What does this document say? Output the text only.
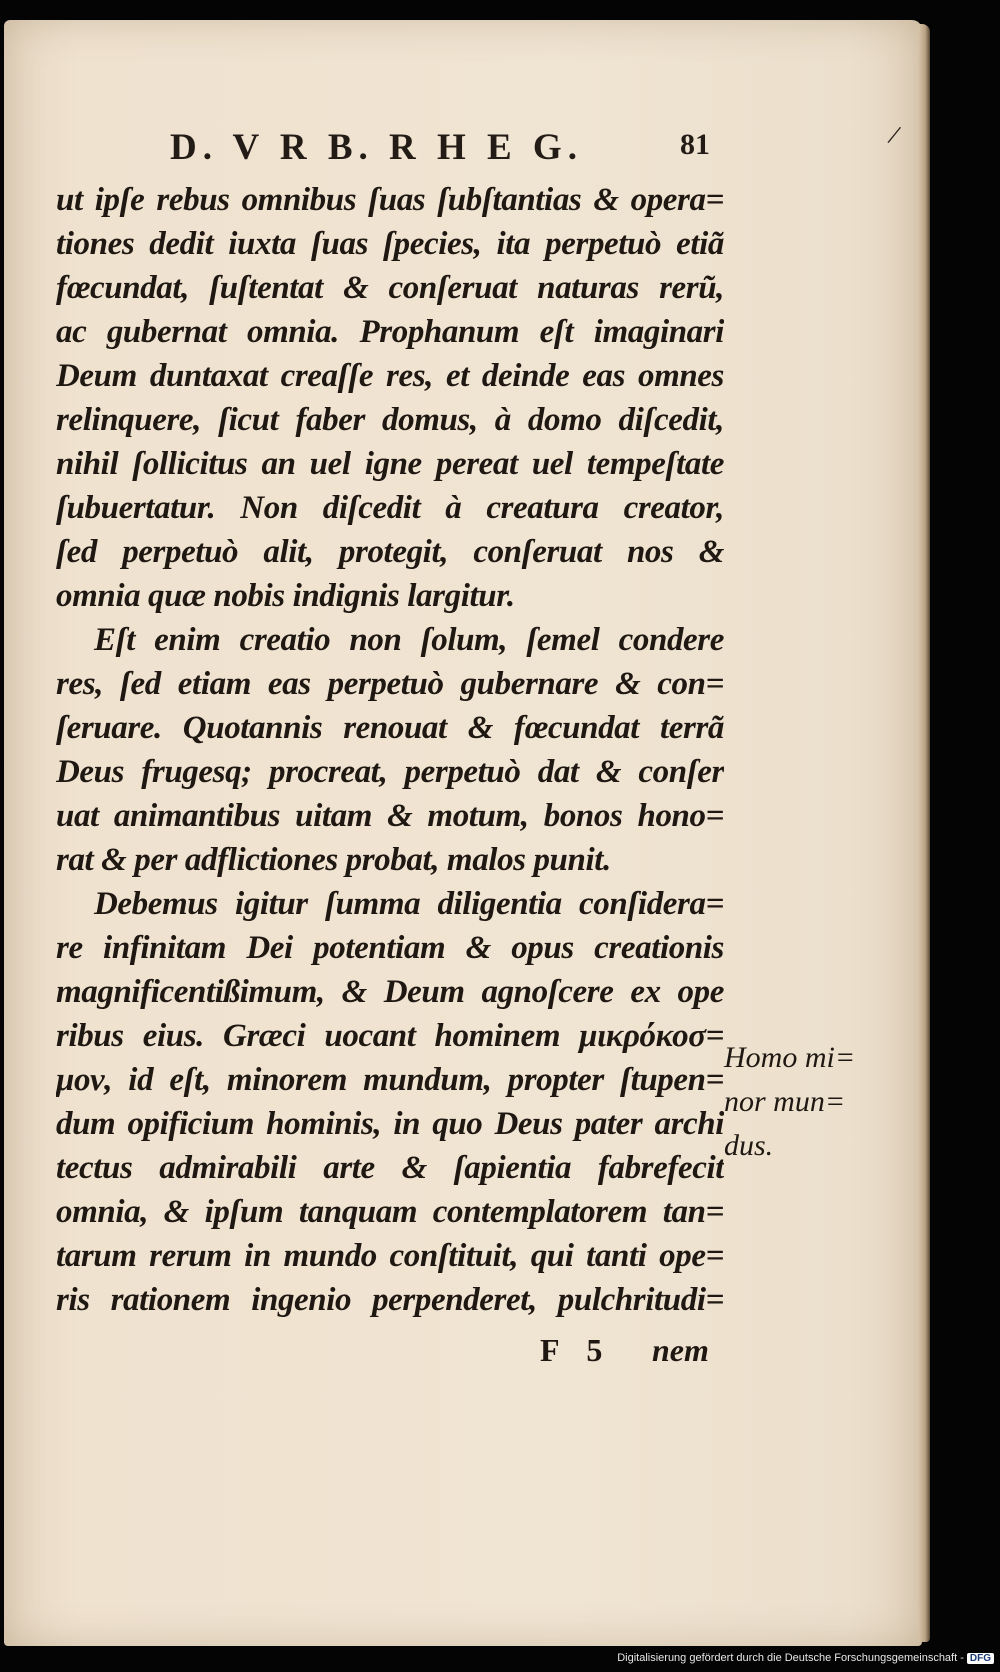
D. V R B. R H E G.	81	/
ut ipſe rebus omnibus ſuas ſubſtantias & opera=
tiones dedit iuxta ſuas ſpecies, ita perpetuò etiã
fœcundat, ſuſtentat & conſeruat naturas rerũ,
ac gubernat omnia. Prophanum eſt imaginari
Deum duntaxat creaſſe res, et deinde eas omnes
relinquere, ſicut faber domus, à domo diſcedit,
nihil ſollicitus an uel igne pereat uel tempeſtate
ſubuertatur. Non diſcedit à creatura creator,
ſed perpetuò alit, protegit, conſeruat nos &
omnia quæ nobis indignis largitur.
Eſt enim creatio non ſolum, ſemel condere
res, ſed etiam eas perpetuò gubernare & con=
ſeruare. Quotannis renouat & fœcundat terrã
Deus frugesq; procreat, perpetuò dat & conſer
uat animantibus uitam & motum, bonos hono=
rat & per adflictiones probat, malos punit.
Debemus igitur ſumma diligentia conſidera=
re infinitam Dei potentiam & opus creationis
magnificentißimum, & Deum agnoſcere ex ope
ribus eius. Græci uocant hominem μικρόκοσ=
μον, id eſt, minorem mundum, propter ſtupen=
dum opificium hominis, in quo Deus pater archi
tectus admirabili arte & ſapientia fabrefecit
omnia, & ipſum tanquam contemplatorem tan=
tarum rerum in mundo conſtituit, qui tanti ope=
ris rationem ingenio perpenderet, pulchritudi=
Homo mi=
nor mun=
dus.
F 5 nem
Digitalisierung gefördert durch die Deutsche Forschungsgemeinschaft - DFG
